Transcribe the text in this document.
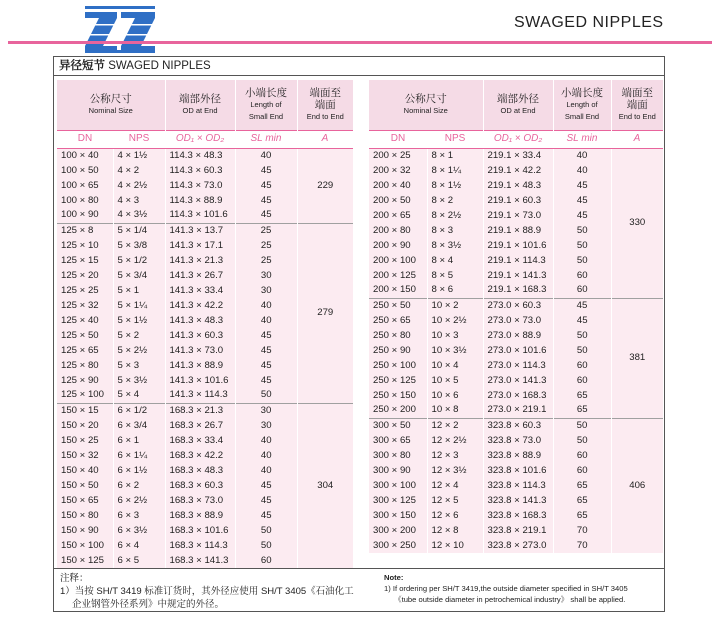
SWAGED NIPPLES
异径短节 SWAGED NIPPLES
公称尺寸
Nominal Size		端部外径
OD at End	小端长度
Length of
Small End	端面至
端面
End to End

DN	NPS	OD₁ × OD₂	SL min	A
100 × 40	4 × 1½	114.3 × 48.3	40	229
100 × 50	4 × 2	114.3 × 60.3	45	
100 × 65	4 × 2½	114.3 × 73.0	45	
100 × 80	4 × 3	114.3 × 88.9	45	
100 × 90	4 × 3½	114.3 × 101.6	45	
125 × 8	5 × 1/4	141.3 × 13.7	25	279
125 × 10	5 × 3/8	141.3 × 17.1	25	
125 × 15	5 × 1/2	141.3 × 21.3	25	
125 × 20	5 × 3/4	141.3 × 26.7	30	
125 × 25	5 × 1	141.3 × 33.4	30	
125 × 32	5 × 1¼	141.3 × 42.2	40	
125 × 40	5 × 1½	141.3 × 48.3	40	
125 × 50	5 × 2	141.3 × 60.3	45	
125 × 65	5 × 2½	141.3 × 73.0	45	
125 × 80	5 × 3	141.3 × 88.9	45	
125 × 90	5 × 3½	141.3 × 101.6	45	
125 × 100	5 × 4	141.3 × 114.3	50	
150 × 15	6 × 1/2	168.3 × 21.3	30	304
150 × 20	6 × 3/4	168.3 × 26.7	30	
150 × 25	6 × 1	168.3 × 33.4	40	
150 × 32	6 × 1¼	168.3 × 42.2	40	
150 × 40	6 × 1½	168.3 × 48.3	40	
150 × 50	6 × 2	168.3 × 60.3	45	
150 × 65	6 × 2½	168.3 × 73.0	45	
150 × 80	6 × 3	168.3 × 88.9	45	
150 × 90	6 × 3½	168.3 × 101.6	50	
150 × 100	6 × 4	168.3 × 114.3	50	
150 × 125	6 × 5	168.3 × 141.3	60	
公称尺寸
Nominal Size		端部外径
OD at End	小端长度
Length of
Small End	端面至
端面
End to End

DN	NPS	OD₁ × OD₂	SL min	A
200 × 25	8 × 1	219.1 × 33.4	40	330
200 × 32	8 × 1¼	219.1 × 42.2	40	
200 × 40	8 × 1½	219.1 × 48.3	45	
200 × 50	8 × 2	219.1 × 60.3	45	
200 × 65	8 × 2½	219.1 × 73.0	45	
200 × 80	8 × 3	219.1 × 88.9	50	
200 × 90	8 × 3½	219.1 × 101.6	50	
200 × 100	8 × 4	219.1 × 114.3	50	
200 × 125	8 × 5	219.1 × 141.3	60	
200 × 150	8 × 6	219.1 × 168.3	60	
250 × 50	10 × 2	273.0 × 60.3	45	381
250 × 65	10 × 2½	273.0 × 73.0	45	
250 × 80	10 × 3	273.0 × 88.9	50	
250 × 90	10 × 3½	273.0 × 101.6	50	
250 × 100	10 × 4	273.0 × 114.3	60	
250 × 125	10 × 5	273.0 × 141.3	60	
250 × 150	10 × 6	273.0 × 168.3	65	
250 × 200	10 × 8	273.0 × 219.1	65	
300 × 50	12 × 2	323.8 × 60.3	50	406
300 × 65	12 × 2½	323.8 × 73.0	50	
300 × 80	12 × 3	323.8 × 88.9	60	
300 × 90	12 × 3½	323.8 × 101.6	60	
300 × 100	12 × 4	323.8 × 114.3	65	
300 × 125	12 × 5	323.8 × 141.3	65	
300 × 150	12 × 6	323.8 × 168.3	65	
300 × 200	12 × 8	323.8 × 219.1	70	
300 × 250	12 × 10	323.8 × 273.0	70	
注释：
1）当按 SH/T 3419 标准订货时，其外径应使用 SH/T 3405《石油化工
企业钢管外径系列》中规定的外径。
Note:
1) If ordering per SH/T 3419,the outside diameter specified in SH/T 3405
《tube outside diameter in petrochemical industry》 shall be applied.
